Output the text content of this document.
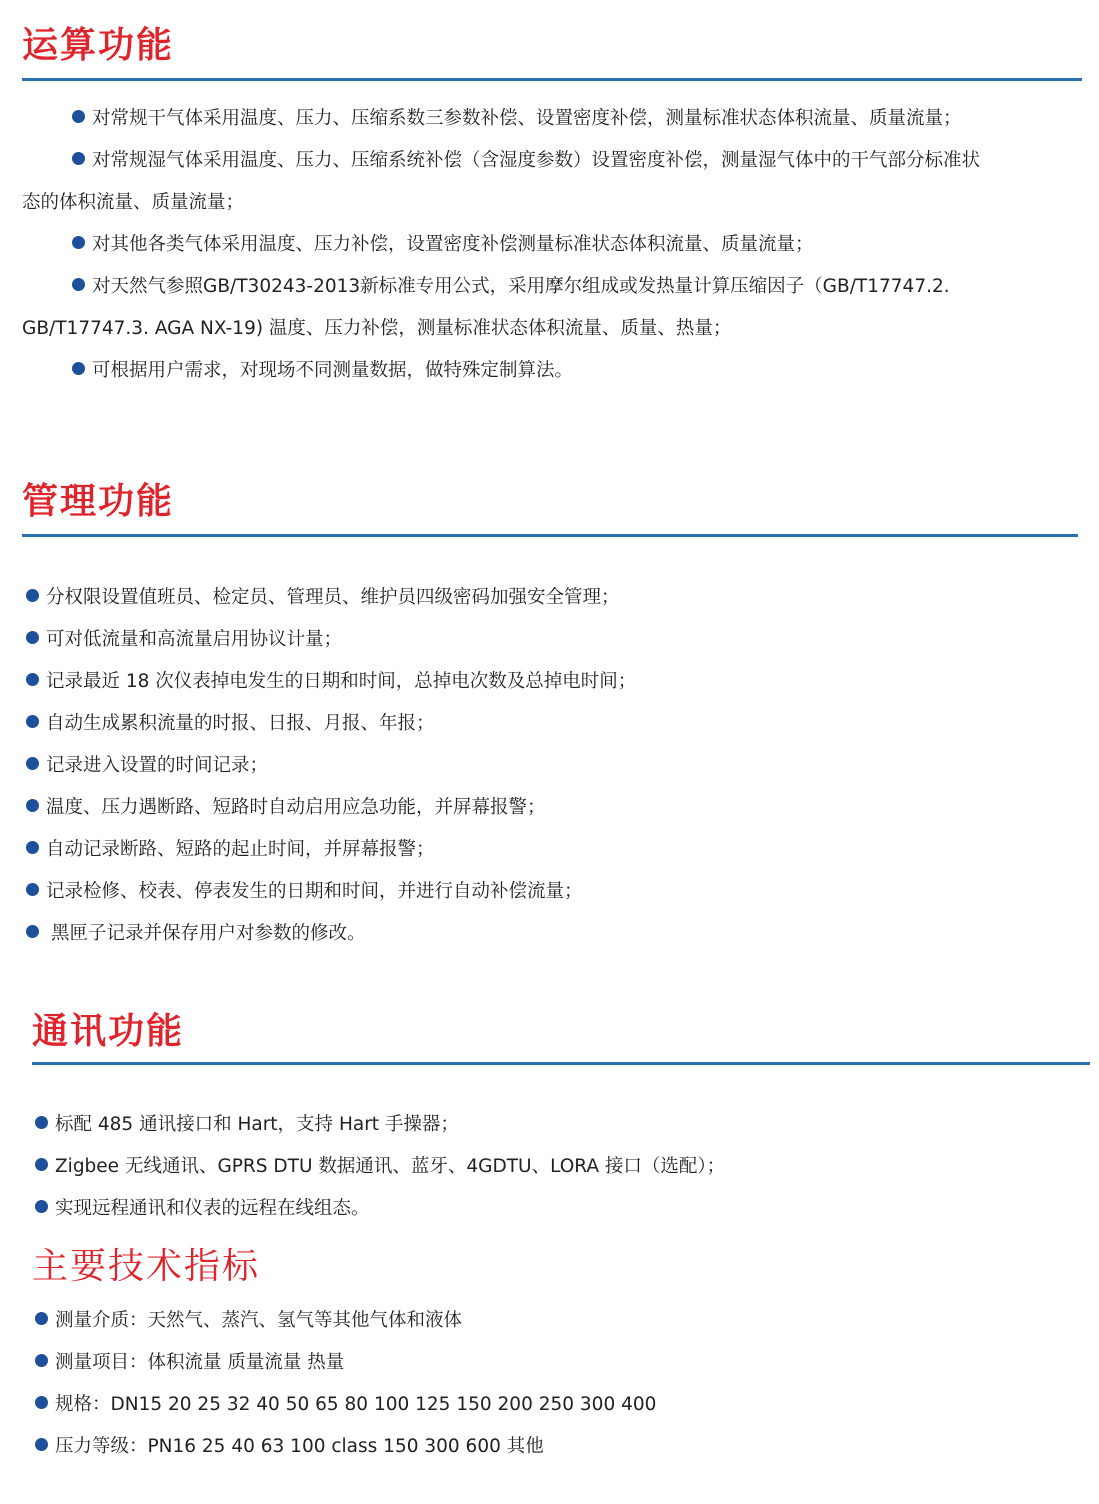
运算功能

对常规干气体采用温度、压力、压缩系数三参数补偿、设置密度补偿，测量标准状态体积流量、质量流量；

对常规湿气体采用温度、压力、压缩系统补偿（含湿度参数）设置密度补偿，测量湿气体中的干气部分标准状

态的体积流量、质量流量；

对其他各类气体采用温度、压力补偿，设置密度补偿测量标准状态体积流量、质量流量；

对天然气参照GB/T30243-2013新标准专用公式，采用摩尔组成或发热量计算压缩因子（GB/T17747.2.

GB/T17747.3. AGA NX-19) 温度、压力补偿，测量标准状态体积流量、质量、热量；

可根据用户需求，对现场不同测量数据，做特殊定制算法。

管理功能

分权限设置值班员、检定员、管理员、维护员四级密码加强安全管理；

可对低流量和高流量启用协议计量；

记录最近 18 次仪表掉电发生的日期和时间，总掉电次数及总掉电时间；

自动生成累积流量的时报、日报、月报、年报；

记录进入设置的时间记录；

温度、压力遇断路、短路时自动启用应急功能，并屏幕报警；

自动记录断路、短路的起止时间，并屏幕报警；

记录检修、校表、停表发生的日期和时间，并进行自动补偿流量；

黑匣子记录并保存用户对参数的修改。

通讯功能

标配 485 通讯接口和 Hart，支持 Hart 手操器；

Zigbee 无线通讯、GPRS DTU 数据通讯、蓝牙、4GDTU、LORA 接口（选配）；

实现远程通讯和仪表的远程在线组态。

主要技术指标

测量介质：天然气、蒸汽、氢气等其他气体和液体

测量项目：体积流量 质量流量 热量

规格：DN15 20 25 32 40 50 65 80 100 125 150 200 250 300 400

压力等级：PN16 25 40 63 100 class 150 300 600 其他
